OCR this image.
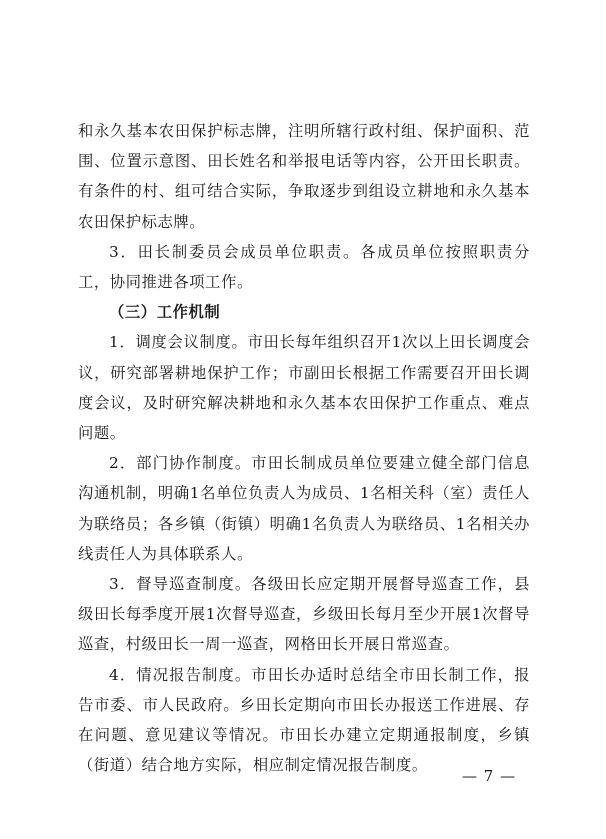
和永久基本农田保护标志牌，注明所辖行政村组、保护面积、范围、位置示意图、田长姓名和举报电话等内容，公开田长职责。有条件的村、组可结合实际，争取逐步到组设立耕地和永久基本农田保护标志牌。

3．田长制委员会成员单位职责。各成员单位按照职责分工，协同推进各项工作。

（三）工作机制

1．调度会议制度。市田长每年组织召开1次以上田长调度会议，研究部署耕地保护工作；市副田长根据工作需要召开田长调度会议，及时研究解决耕地和永久基本农田保护工作重点、难点问题。

2．部门协作制度。市田长制成员单位要建立健全部门信息沟通机制，明确1名单位负责人为成员、1名相关科（室）责任人为联络员；各乡镇（街镇）明确1名负责人为联络员、1名相关办线责任人为具体联系人。

3．督导巡查制度。各级田长应定期开展督导巡查工作，县级田长每季度开展1次督导巡查，乡级田长每月至少开展1次督导巡查，村级田长一周一巡查，网格田长开展日常巡查。

4．情况报告制度。市田长办适时总结全市田长制工作，报告市委、市人民政府。乡田长定期向市田长办报送工作进展、存在问题、意见建议等情况。市田长办建立定期通报制度，乡镇（街道）结合地方实际，相应制定情况报告制度。

— 7 —
